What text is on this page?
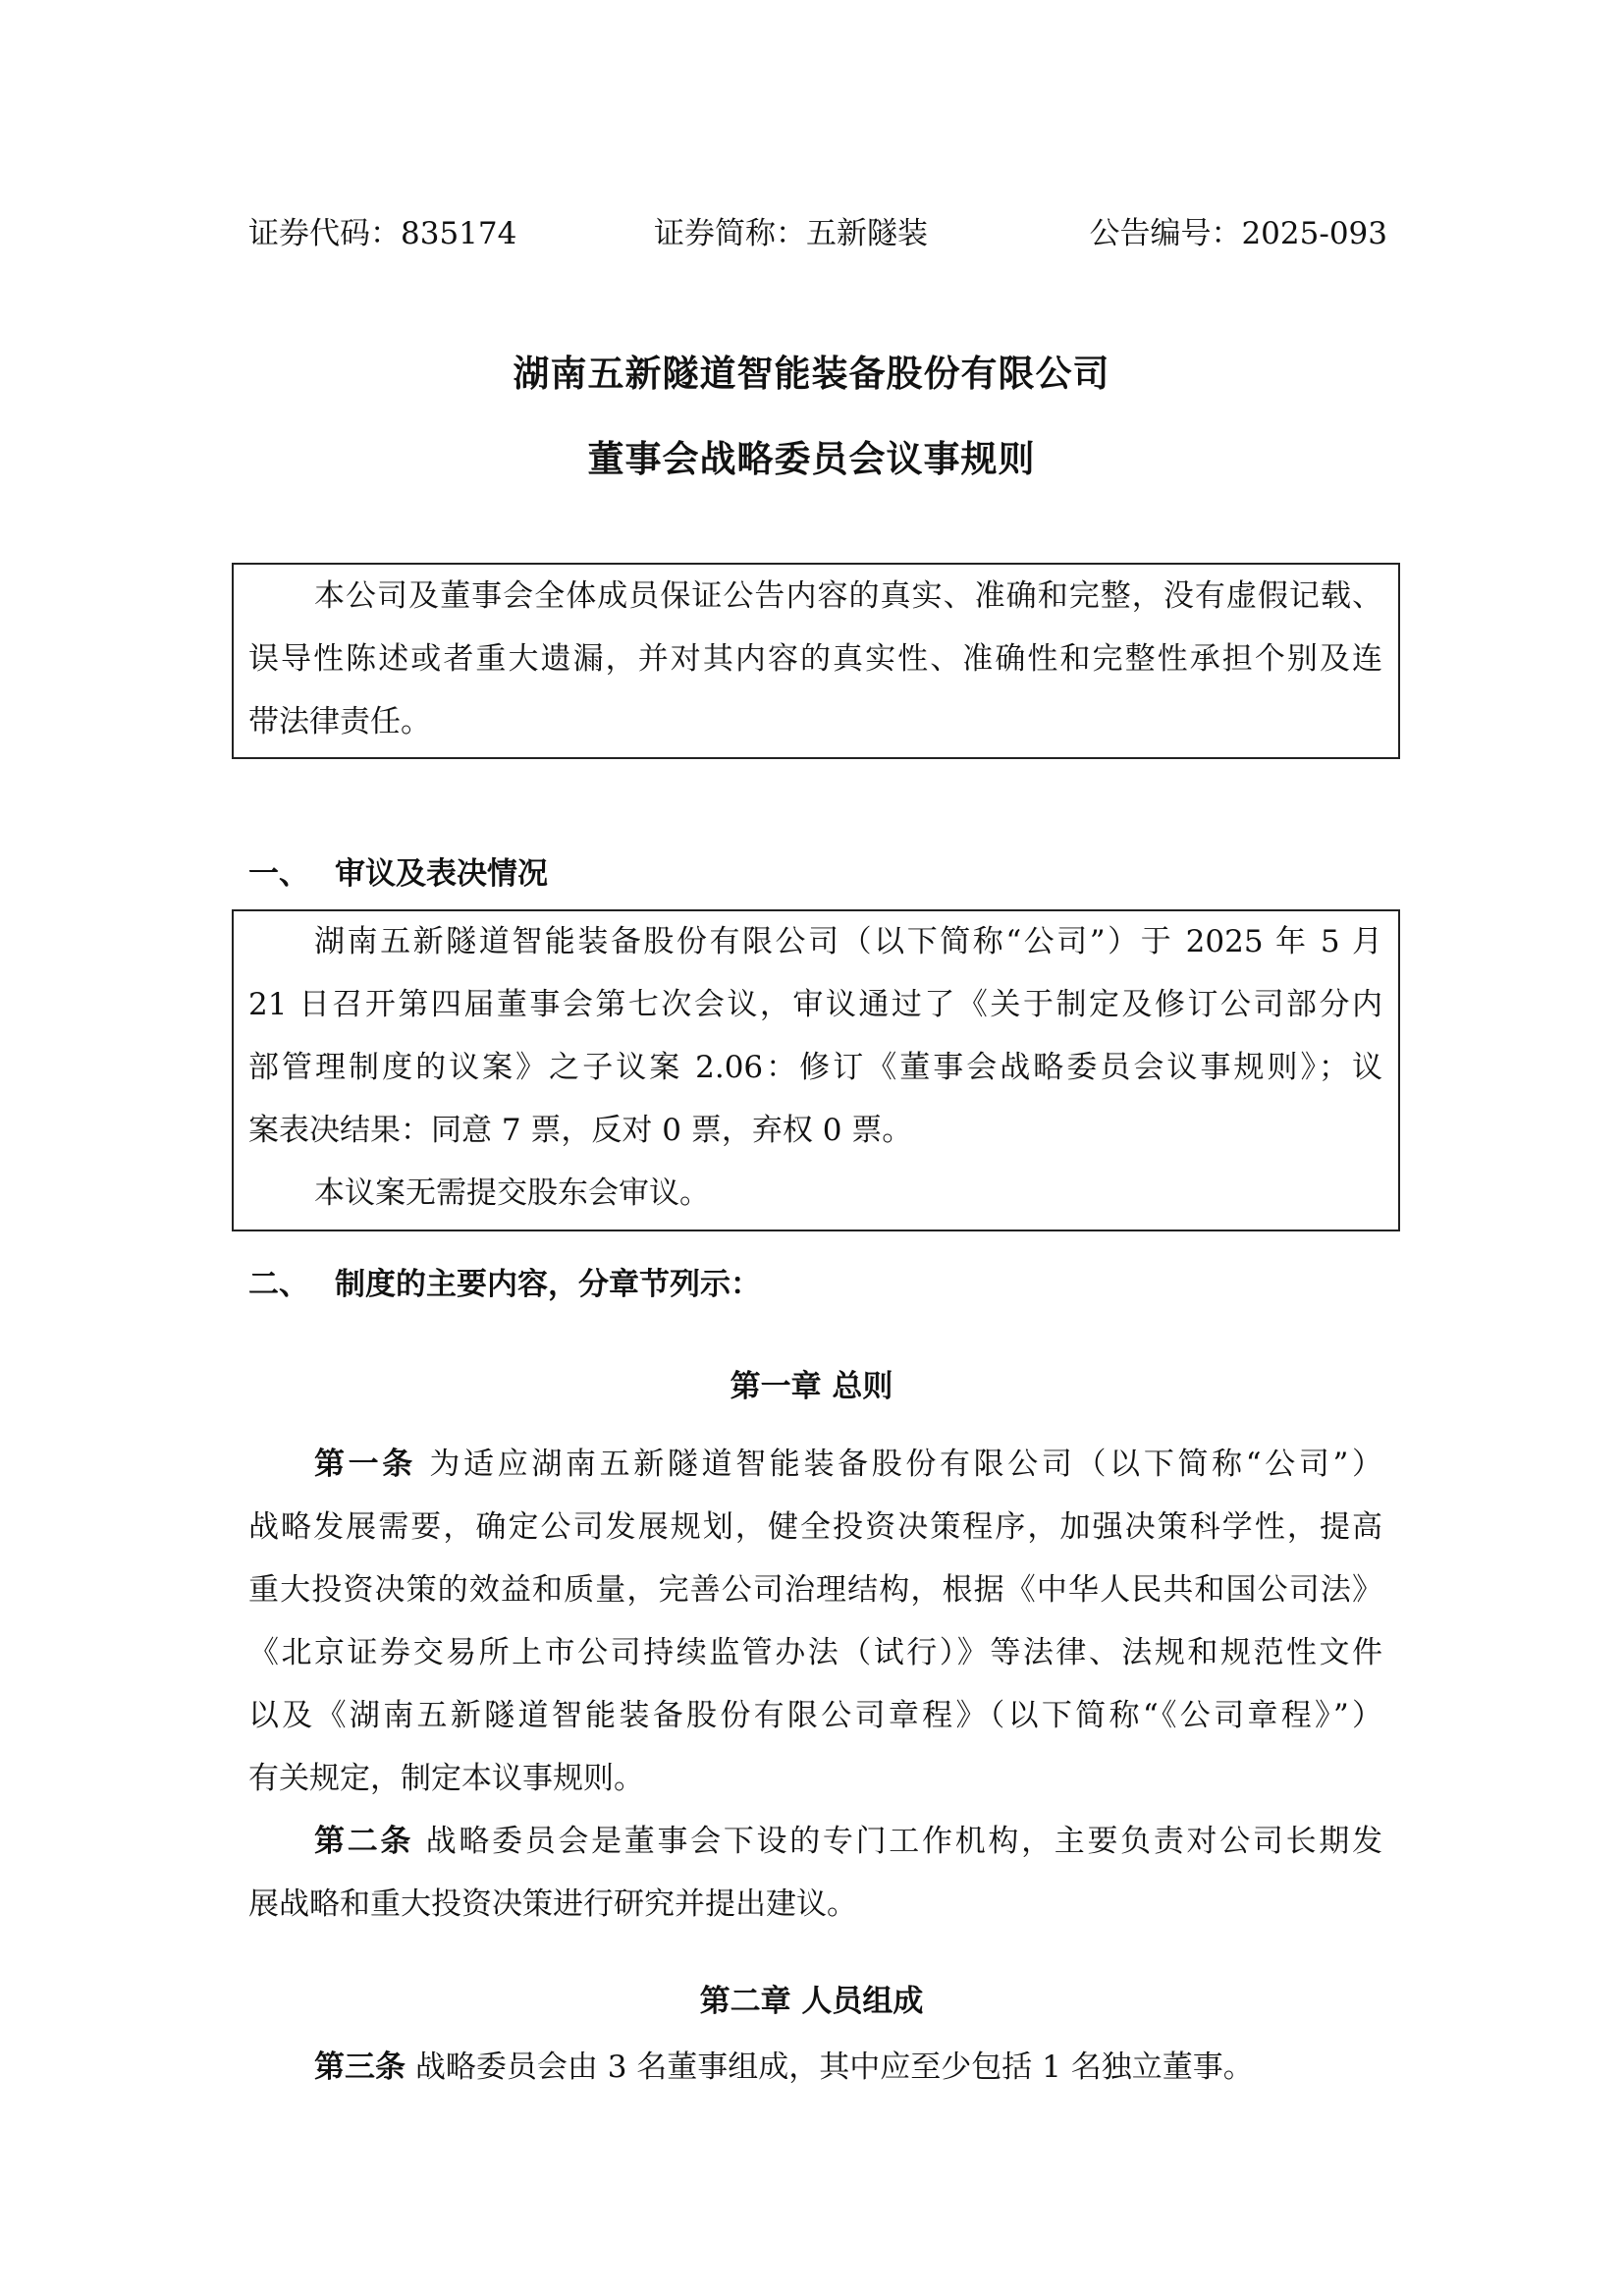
证券代码：835174	证券简称：五新隧装	公告编号：2025-093
湖南五新隧道智能装备股份有限公司
董事会战略委员会议事规则
本公司及董事会全体成员保证公告内容的真实、准确和完整，没有虚假记载、
误导性陈述或者重大遗漏，并对其内容的真实性、准确性和完整性承担个别及连
带法律责任。
一、 审议及表决情况
湖南五新隧道智能装备股份有限公司（以下简称“公司”）于 2025 年 5 月
21 日召开第四届董事会第七次会议，审议通过了《关于制定及修订公司部分内
部管理制度的议案》之子议案 2.06：修订《董事会战略委员会议事规则》；议
案表决结果：同意 7 票，反对 0 票，弃权 0 票。
本议案无需提交股东会审议。
二、 制度的主要内容，分章节列示：
第一章 总则
第一条 为适应湖南五新隧道智能装备股份有限公司（以下简称“公司”）
战略发展需要，确定公司发展规划，健全投资决策程序，加强决策科学性，提高
重大投资决策的效益和质量，完善公司治理结构，根据《中华人民共和国公司法》
《北京证券交易所上市公司持续监管办法（试行）》等法律、法规和规范性文件
以及《湖南五新隧道智能装备股份有限公司章程》（以下简称“《公司章程》”）
有关规定，制定本议事规则。
第二条 战略委员会是董事会下设的专门工作机构，主要负责对公司长期发
展战略和重大投资决策进行研究并提出建议。
第二章 人员组成
第三条 战略委员会由 3 名董事组成，其中应至少包括 1 名独立董事。
